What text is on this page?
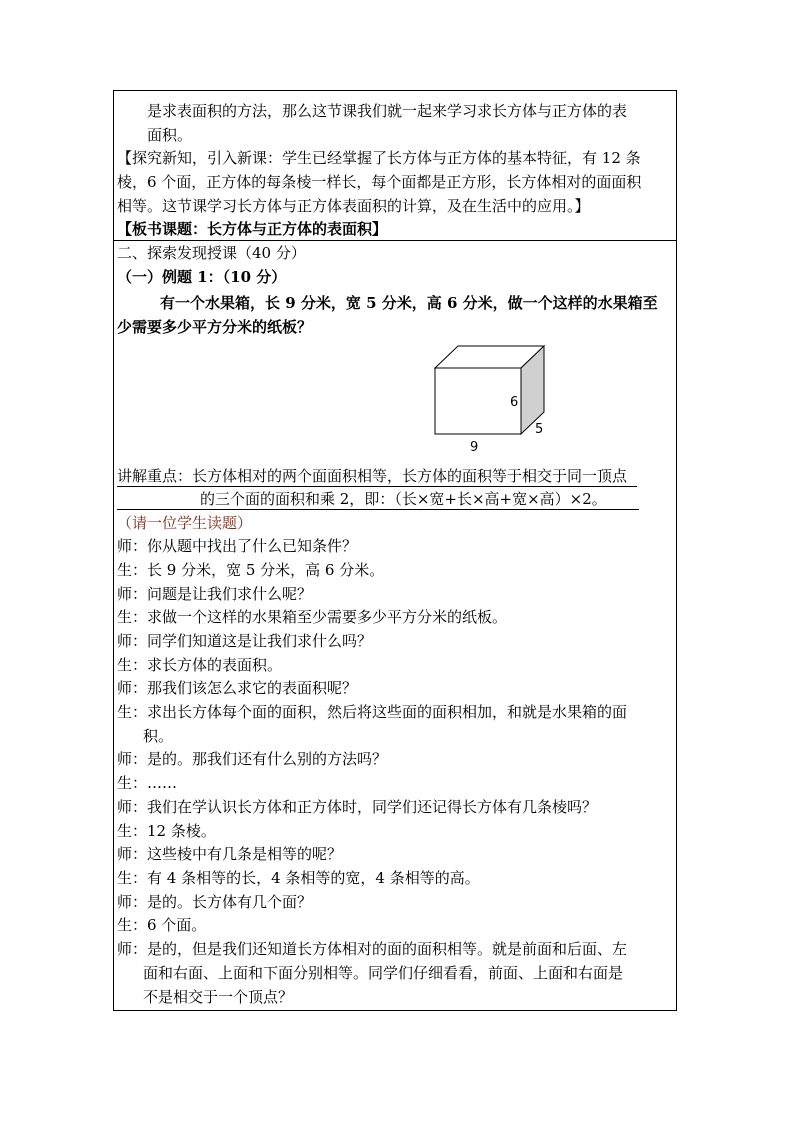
是求表面积的方法，那么这节课我们就一起来学习求长方体与正方体的表
面积。
【探究新知，引入新课：学生已经掌握了长方体与正方体的基本特征，有 12 条
棱，6 个面，正方体的每条棱一样长，每个面都是正方形，长方体相对的面面积
相等。这节课学习长方体与正方体表面积的计算，及在生活中的应用。】
【板书课题：长方体与正方体的表面积】
二、探索发现授课（40 分）
（一）例题 1：（10 分）
有一个水果箱，长 9 分米，宽 5 分米，高 6 分米，做一个这样的水果箱至
少需要多少平方分米的纸板？
6
5
9
讲解重点：长方体相对的两个面面积相等，长方体的面积等于相交于同一顶点
的三个面的面积和乘 2，即：（长×宽+长×高+宽×高）×2。
（请一位学生读题）
师：你从题中找出了什么已知条件？
生：长 9 分米，宽 5 分米，高 6 分米。
师：问题是让我们求什么呢？
生：求做一个这样的水果箱至少需要多少平方分米的纸板。
师：同学们知道这是让我们求什么吗？
生：求长方体的表面积。
师：那我们该怎么求它的表面积呢？
生：求出长方体每个面的面积，然后将这些面的面积相加，和就是水果箱的面
积。
师：是的。那我们还有什么别的方法吗？
生：……
师：我们在学认识长方体和正方体时，同学们还记得长方体有几条棱吗？
生：12 条棱。
师：这些棱中有几条是相等的呢？
生：有 4 条相等的长，4 条相等的宽，4 条相等的高。
师：是的。长方体有几个面？
生：6 个面。
师：是的，但是我们还知道长方体相对的面的面积相等。就是前面和后面、左
面和右面、上面和下面分别相等。同学们仔细看看，前面、上面和右面是
不是相交于一个顶点？
